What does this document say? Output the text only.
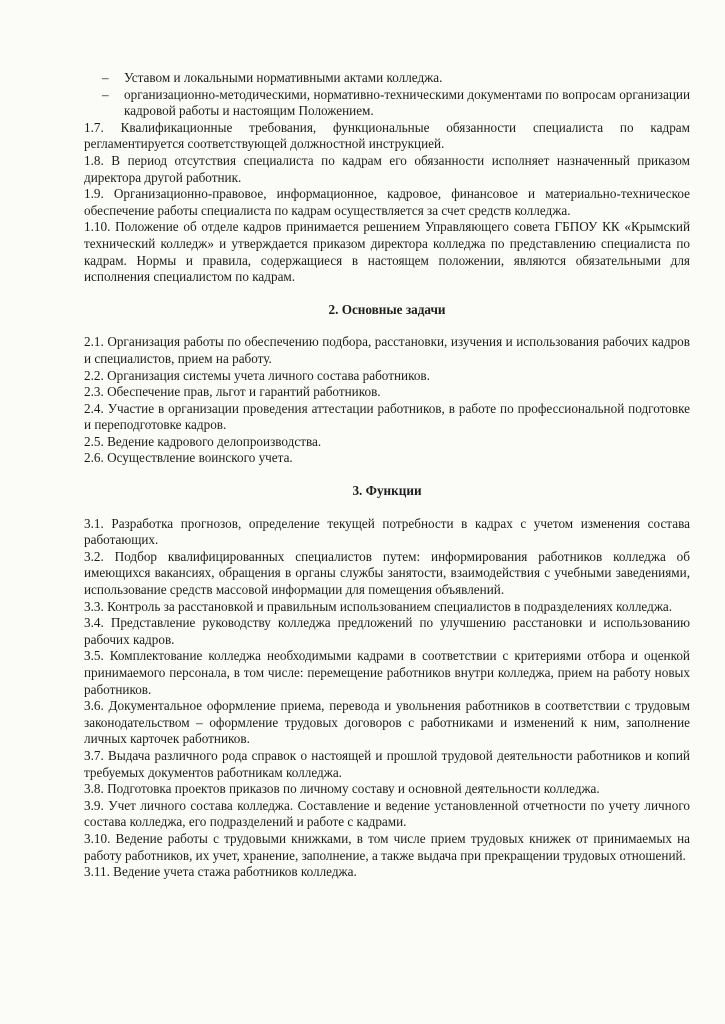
– Уставом и локальными нормативными актами колледжа.
– организационно-методическими, нормативно-техническими документами по вопросам организации кадровой работы и настоящим Положением.

1.7. Квалификационные требования, функциональные обязанности специалиста по кадрам регламентируется соответствующей должностной инструкцией.

1.8. В период отсутствия специалиста по кадрам его обязанности исполняет назначенный приказом директора другой работник.

1.9. Организационно-правовое, информационное, кадровое, финансовое и материально-техническое обеспечение работы специалиста по кадрам осуществляется за счет средств колледжа.

1.10. Положение об отделе кадров принимается решением Управляющего совета ГБПОУ КК «Крымский технический колледж» и утверждается приказом директора колледжа по представлению специалиста по кадрам. Нормы и правила, содержащиеся в настоящем положении, являются обязательными для исполнения специалистом по кадрам.

2. Основные задачи

2.1. Организация работы по обеспечению подбора, расстановки, изучения и использования рабочих кадров и специалистов, прием на работу.

2.2. Организация системы учета личного состава работников.

2.3. Обеспечение прав, льгот и гарантий работников.

2.4. Участие в организации проведения аттестации работников, в работе по профессиональной подготовке и переподготовке кадров.

2.5. Ведение кадрового делопроизводства.

2.6. Осуществление воинского учета.

3. Функции

3.1. Разработка прогнозов, определение текущей потребности в кадрах с учетом изменения состава работающих.

3.2. Подбор квалифицированных специалистов путем: информирования работников колледжа об имеющихся вакансиях, обращения в органы службы занятости, взаимодействия с учебными заведениями, использование средств массовой информации для помещения объявлений.

3.3. Контроль за расстановкой и правильным использованием специалистов в подразделениях колледжа.

3.4. Представление руководству колледжа предложений по улучшению расстановки и использованию рабочих кадров.

3.5. Комплектование колледжа необходимыми кадрами в соответствии с критериями отбора и оценкой принимаемого персонала, в том числе: перемещение работников внутри колледжа, прием на работу новых работников.

3.6. Документальное оформление приема, перевода и увольнения работников в соответствии с трудовым законодательством – оформление трудовых договоров с работниками и изменений к ним, заполнение личных карточек работников.

3.7. Выдача различного рода справок о настоящей и прошлой трудовой деятельности работников и копий требуемых документов работникам колледжа.

3.8. Подготовка проектов приказов по личному составу и основной деятельности колледжа.

3.9. Учет личного состава колледжа. Составление и ведение установленной отчетности по учету личного состава колледжа, его подразделений и работе с кадрами.

3.10. Ведение работы с трудовыми книжками, в том числе прием трудовых книжек от принимаемых на работу работников, их учет, хранение, заполнение, а также выдача при прекращении трудовых отношений.

3.11. Ведение учета стажа работников колледжа.
